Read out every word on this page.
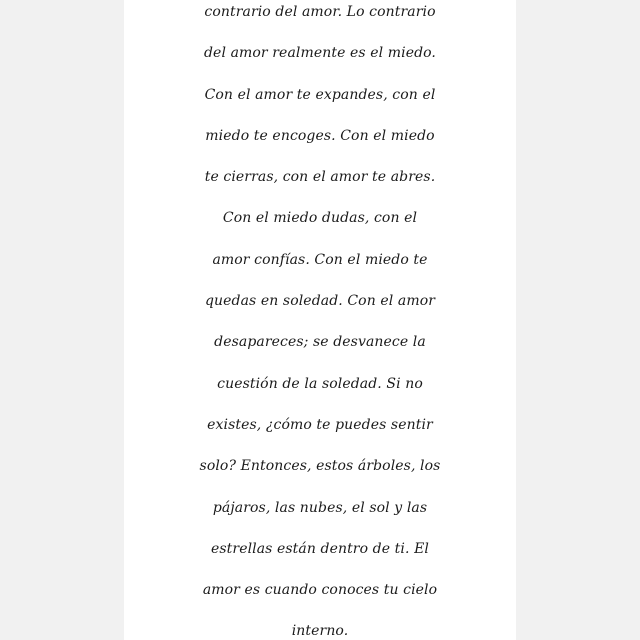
contrario del amor. Lo contrario
del amor realmente es el miedo.
Con el amor te expandes, con el
miedo te encoges. Con el miedo
te cierras, con el amor te abres.
Con el miedo dudas, con el
amor confías. Con el miedo te
quedas en soledad. Con el amor
desapareces; se desvanece la
cuestión de la soledad. Si no
existes, ¿cómo te puedes sentir
solo? Entonces, estos árboles, los
pájaros, las nubes, el sol y las
estrellas están dentro de ti. El
amor es cuando conoces tu cielo
interno.
